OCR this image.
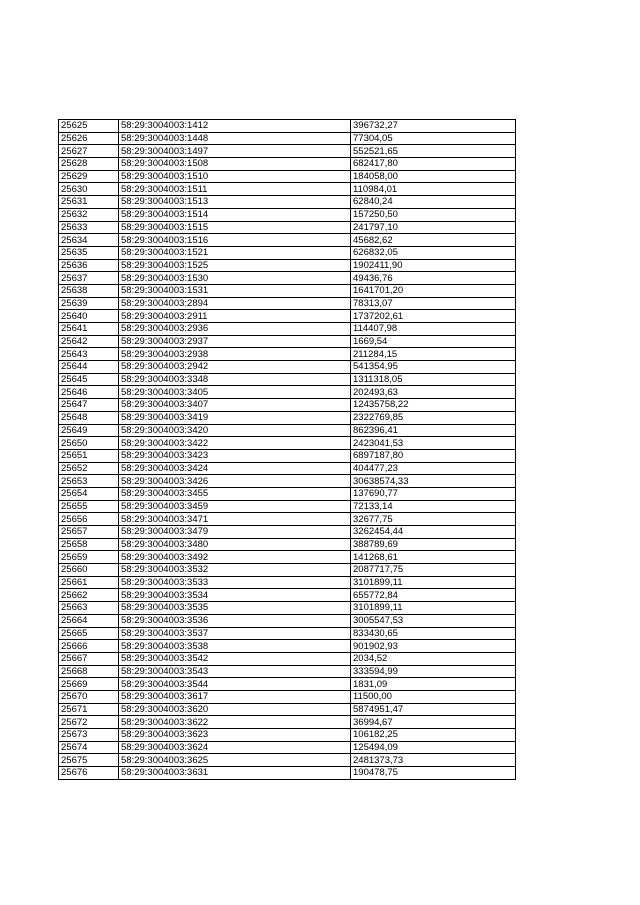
25625	58:29:3004003:1412	396732,27
25626	58:29:3004003:1448	77304,05
25627	58:29:3004003:1497	552521,65
25628	58:29:3004003:1508	682417,80
25629	58:29:3004003:1510	184058,00
25630	58:29:3004003:1511	110984,01
25631	58:29:3004003:1513	62840,24
25632	58:29:3004003:1514	157250,50
25633	58:29:3004003:1515	241797,10
25634	58:29:3004003:1516	45682,62
25635	58:29:3004003:1521	626832,05
25636	58:29:3004003:1525	1902411,90
25637	58:29:3004003:1530	49436,76
25638	58:29:3004003:1531	1641701,20
25639	58:29:3004003:2894	78313,07
25640	58:29:3004003:2911	1737202,61
25641	58:29:3004003:2936	114407,98
25642	58:29:3004003:2937	1669,54
25643	58:29:3004003:2938	211284,15
25644	58:29:3004003:2942	541354,95
25645	58:29:3004003:3348	1311318,05
25646	58:29:3004003:3405	202493,63
25647	58:29:3004003:3407	12435758,22
25648	58:29:3004003:3419	2322769,85
25649	58:29:3004003:3420	862396,41
25650	58:29:3004003:3422	2423041,53
25651	58:29:3004003:3423	6897187,80
25652	58:29:3004003:3424	404477,23
25653	58:29:3004003:3426	30638574,33
25654	58:29:3004003:3455	137690,77
25655	58:29:3004003:3459	72133,14
25656	58:29:3004003:3471	32677,75
25657	58:29:3004003:3479	3262454,44
25658	58:29:3004003:3480	388789,69
25659	58:29:3004003:3492	141268,61
25660	58:29:3004003:3532	2087717,75
25661	58:29:3004003:3533	3101899,11
25662	58:29:3004003:3534	655772,84
25663	58:29:3004003:3535	3101899,11
25664	58:29:3004003:3536	3005547,53
25665	58:29:3004003:3537	833430,65
25666	58:29:3004003:3538	901902,93
25667	58:29:3004003:3542	2034,52
25668	58:29:3004003:3543	333594,99
25669	58:29:3004003:3544	1831,09
25670	58:29:3004003:3617	11500,00
25671	58:29:3004003:3620	5874951,47
25672	58:29:3004003:3622	36994,67
25673	58:29:3004003:3623	106182,25
25674	58:29:3004003:3624	125494,09
25675	58:29:3004003:3625	2481373,73
25676	58:29:3004003:3631	190478,75
